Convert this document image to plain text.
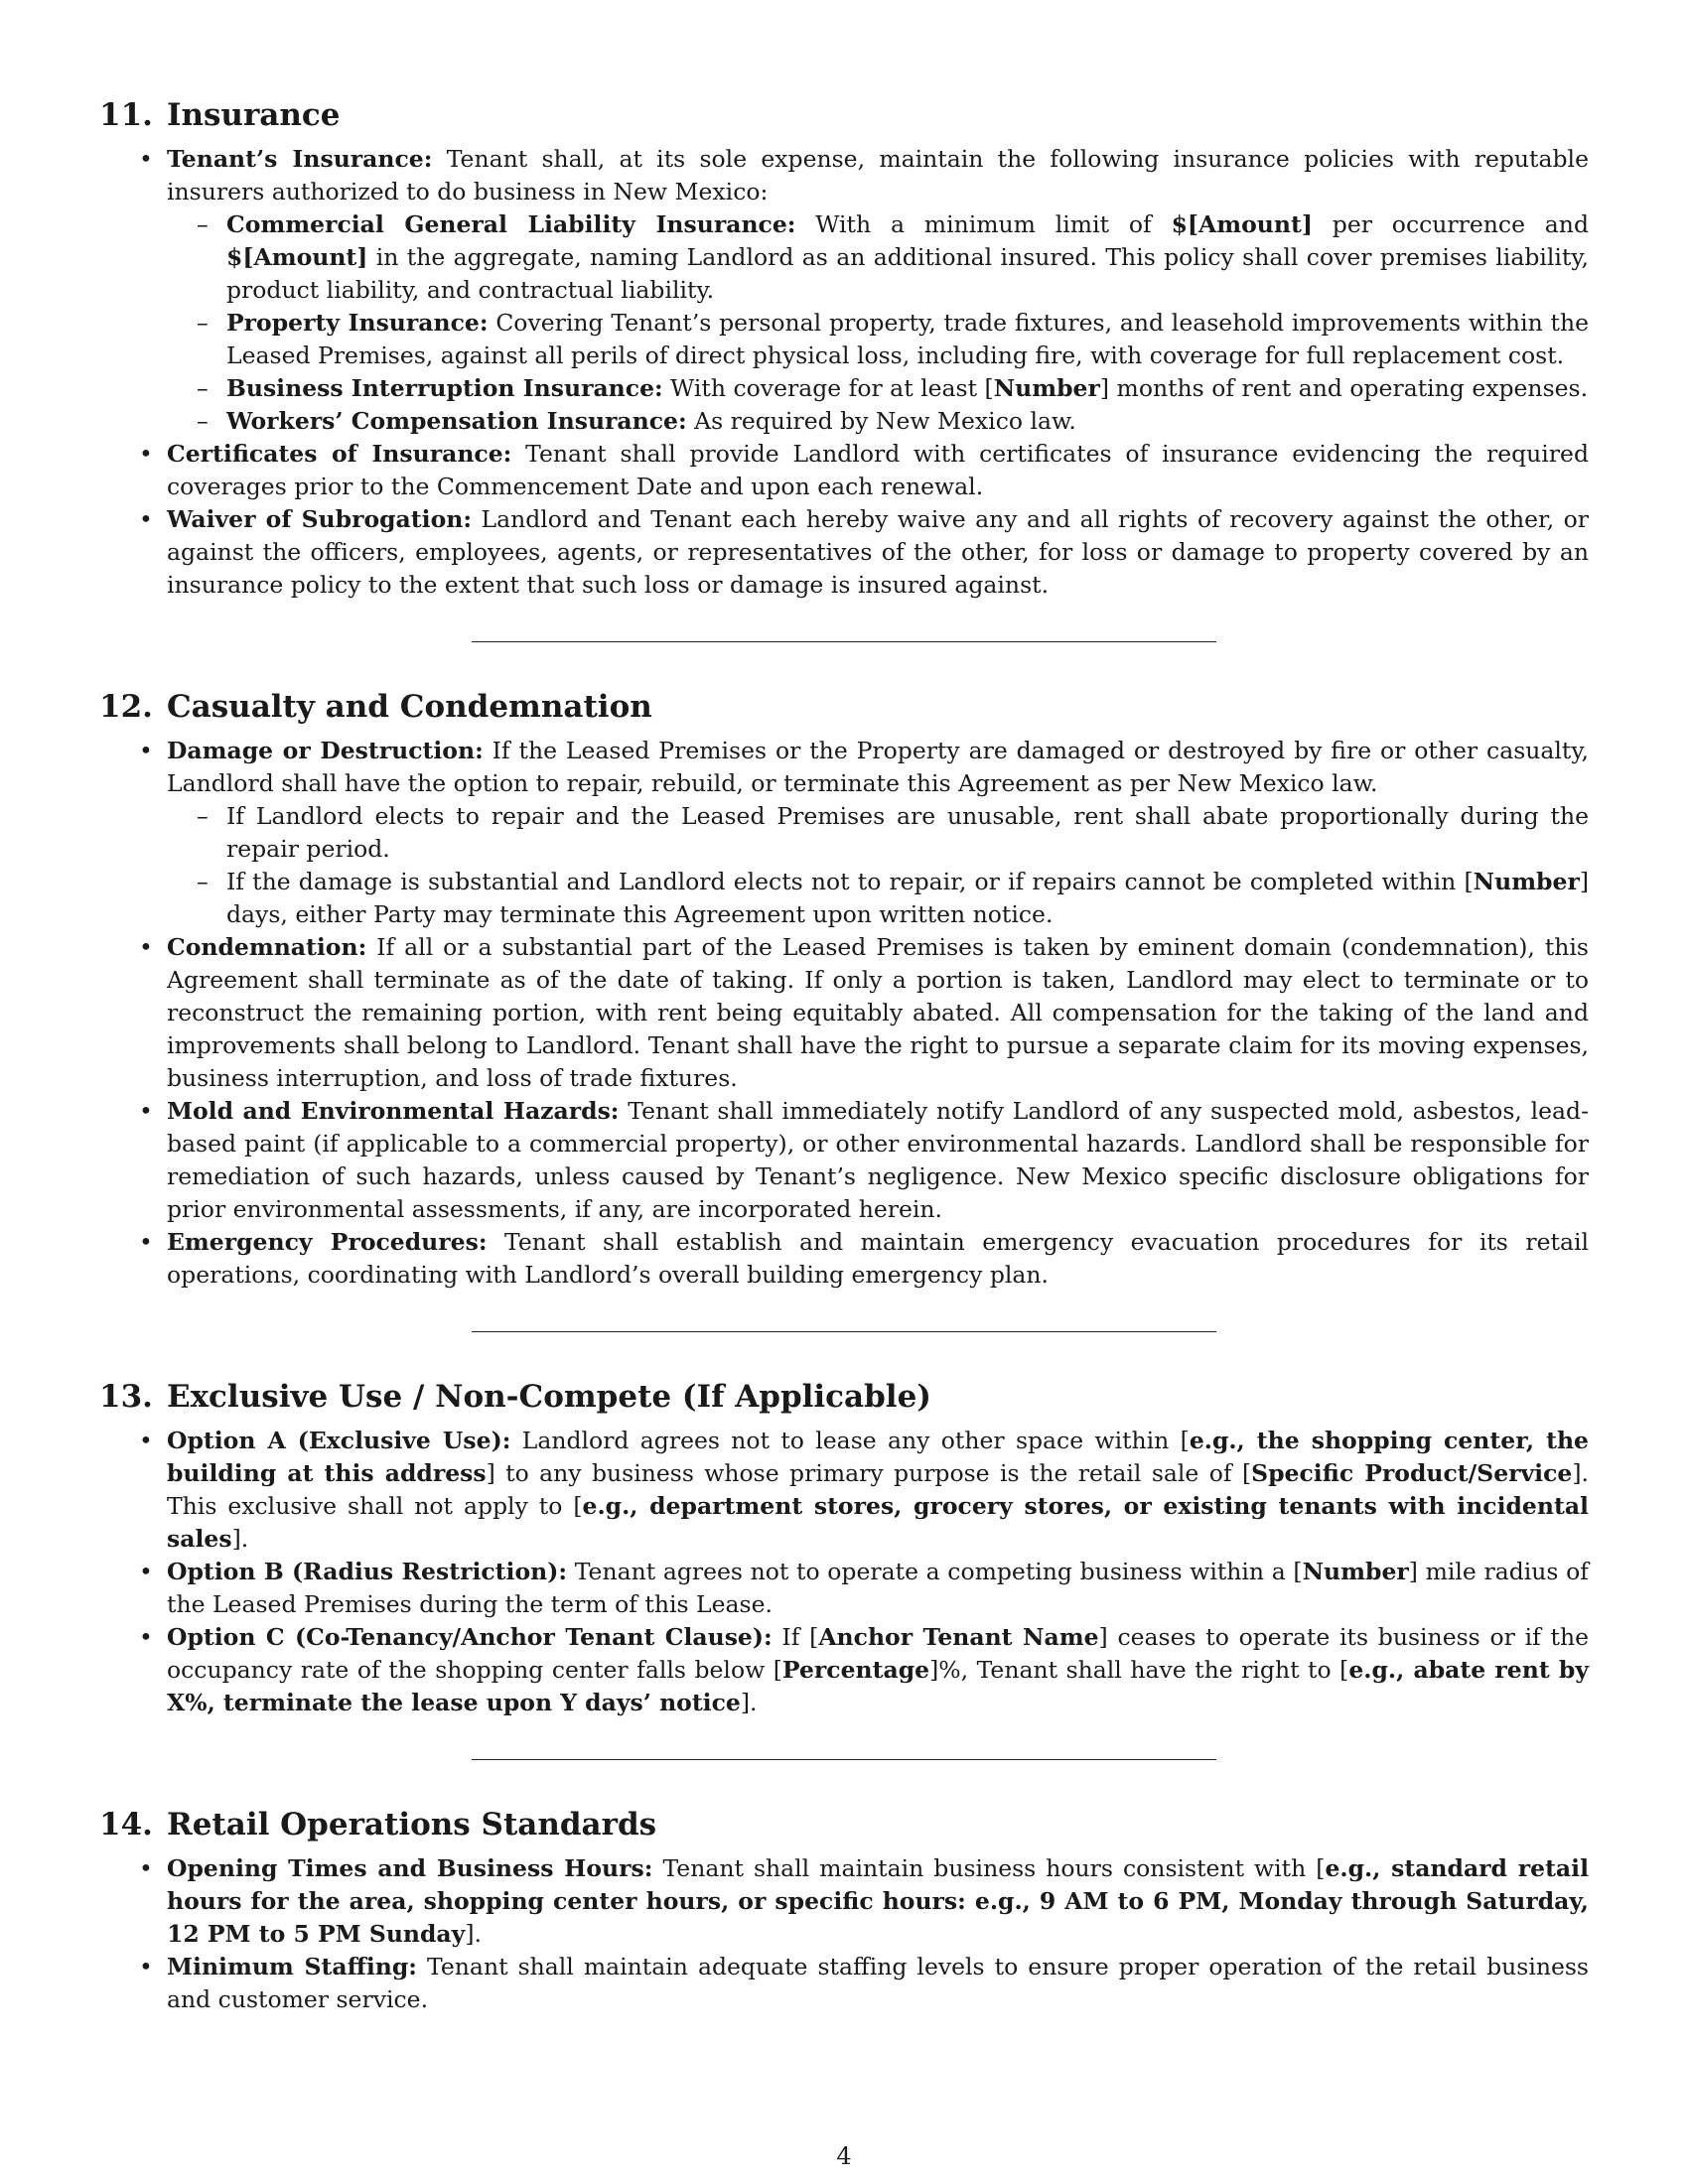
11. Insurance
• Tenant’s Insurance: Tenant shall, at its sole expense, maintain the following insurance policies with reputable insurers authorized to do business in New Mexico:
– Commercial General Liability Insurance: With a minimum limit of $[Amount] per occurrence and $[Amount] in the aggregate, naming Landlord as an additional insured. This policy shall cover premises liability, product liability, and contractual liability.
– Property Insurance: Covering Tenant’s personal property, trade fixtures, and leasehold improvements within the Leased Premises, against all perils of direct physical loss, including fire, with coverage for full replacement cost.
– Business Interruption Insurance: With coverage for at least [Number] months of rent and operating expenses.
– Workers’ Compensation Insurance: As required by New Mexico law.
• Certificates of Insurance: Tenant shall provide Landlord with certificates of insurance evidencing the required coverages prior to the Commencement Date and upon each renewal.
• Waiver of Subrogation: Landlord and Tenant each hereby waive any and all rights of recovery against the other, or against the officers, employees, agents, or representatives of the other, for loss or damage to property covered by an insurance policy to the extent that such loss or damage is insured against.
12. Casualty and Condemnation
• Damage or Destruction: If the Leased Premises or the Property are damaged or destroyed by fire or other casualty, Landlord shall have the option to repair, rebuild, or terminate this Agreement as per New Mexico law.
– If Landlord elects to repair and the Leased Premises are unusable, rent shall abate proportionally during the repair period.
– If the damage is substantial and Landlord elects not to repair, or if repairs cannot be completed within [Number] days, either Party may terminate this Agreement upon written notice.
• Condemnation: If all or a substantial part of the Leased Premises is taken by eminent domain (condemnation), this Agreement shall terminate as of the date of taking. If only a portion is taken, Landlord may elect to terminate or to reconstruct the remaining portion, with rent being equitably abated. All compensation for the taking of the land and improvements shall belong to Landlord. Tenant shall have the right to pursue a separate claim for its moving expenses, business interruption, and loss of trade fixtures.
• Mold and Environmental Hazards: Tenant shall immediately notify Landlord of any suspected mold, asbestos, lead-based paint (if applicable to a commercial property), or other environmental hazards. Landlord shall be responsible for remediation of such hazards, unless caused by Tenant’s negligence. New Mexico specific disclosure obligations for prior environmental assessments, if any, are incorporated herein.
• Emergency Procedures: Tenant shall establish and maintain emergency evacuation procedures for its retail operations, coordinating with Landlord’s overall building emergency plan.
13. Exclusive Use / Non-Compete (If Applicable)
• Option A (Exclusive Use): Landlord agrees not to lease any other space within [e.g., the shopping center, the building at this address] to any business whose primary purpose is the retail sale of [Specific Product/Service]. This exclusive shall not apply to [e.g., department stores, grocery stores, or existing tenants with incidental sales].
• Option B (Radius Restriction): Tenant agrees not to operate a competing business within a [Number] mile radius of the Leased Premises during the term of this Lease.
• Option C (Co-Tenancy/Anchor Tenant Clause): If [Anchor Tenant Name] ceases to operate its business or if the occupancy rate of the shopping center falls below [Percentage]%, Tenant shall have the right to [e.g., abate rent by X%, terminate the lease upon Y days’ notice].
14. Retail Operations Standards
• Opening Times and Business Hours: Tenant shall maintain business hours consistent with [e.g., standard retail hours for the area, shopping center hours, or specific hours: e.g., 9 AM to 6 PM, Monday through Saturday, 12 PM to 5 PM Sunday].
• Minimum Staffing: Tenant shall maintain adequate staffing levels to ensure proper operation of the retail business and customer service.
4
